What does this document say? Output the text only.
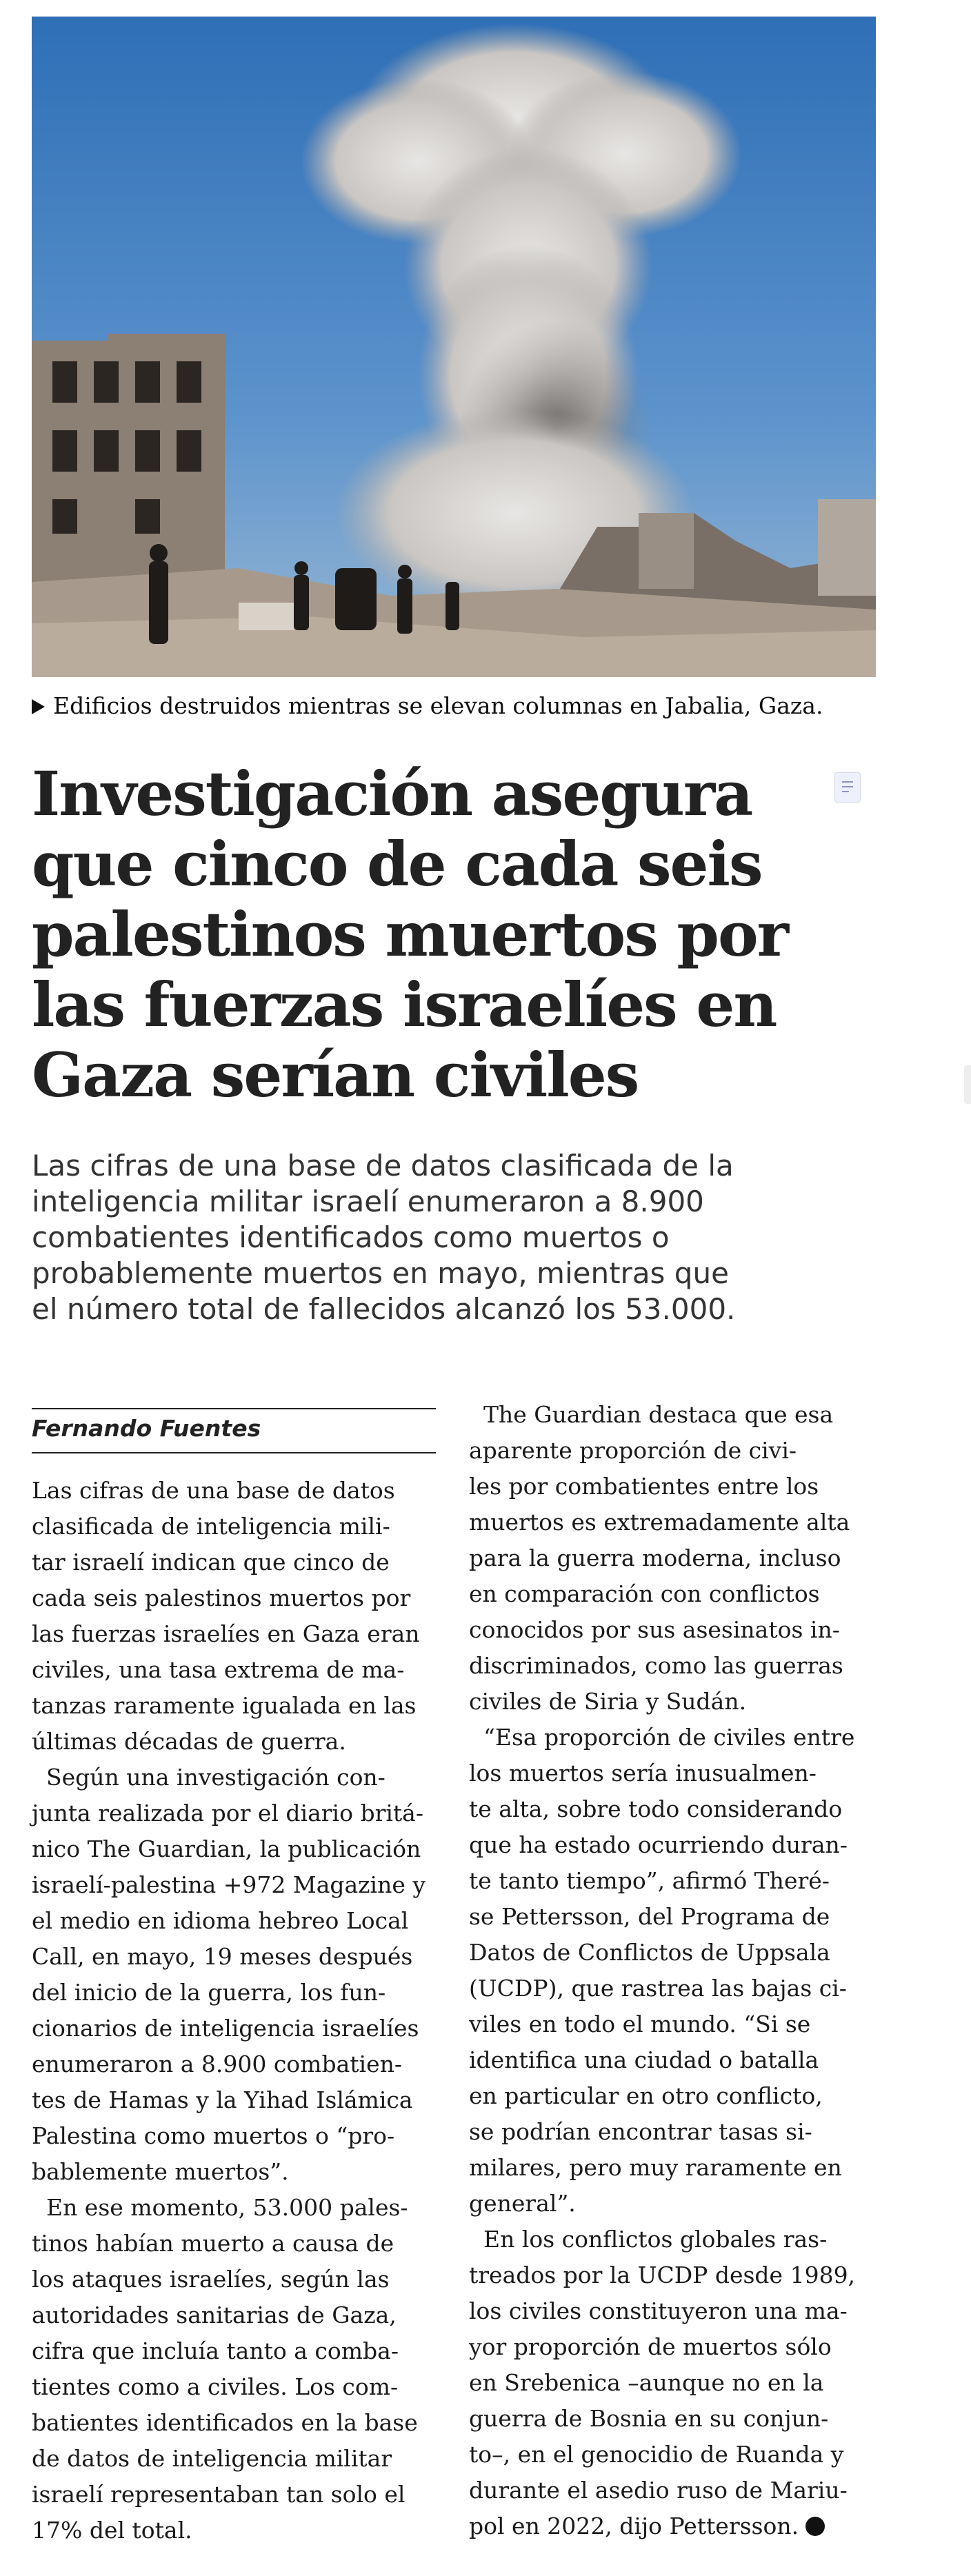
Edificios destruidos mientras se elevan columnas en Jabalia, Gaza.
Investigación asegura
que cinco de cada seis
palestinos muertos por
las fuerzas israelíes en
Gaza serían civiles
Las cifras de una base de datos clasificada de la
inteligencia militar israelí enumeraron a 8.900
combatientes identificados como muertos o
probablemente muertos en mayo, mientras que
el número total de fallecidos alcanzó los 53.000.
Fernando Fuentes
Las cifras de una base de datos
clasificada de inteligencia mili-
tar israelí indican que cinco de
cada seis palestinos muertos por
las fuerzas israelíes en Gaza eran
civiles, una tasa extrema de ma-
tanzas raramente igualada en las
últimas décadas de guerra.
Según una investigación con-
junta realizada por el diario britá-
nico The Guardian, la publicación
israelí-palestina +972 Magazine y
el medio en idioma hebreo Local
Call, en mayo, 19 meses después
del inicio de la guerra, los fun-
cionarios de inteligencia israelíes
enumeraron a 8.900 combatien-
tes de Hamas y la Yihad Islámica
Palestina como muertos o “pro-
bablemente muertos”.
En ese momento, 53.000 pales-
tinos habían muerto a causa de
los ataques israelíes, según las
autoridades sanitarias de Gaza,
cifra que incluía tanto a comba-
tientes como a civiles. Los com-
batientes identificados en la base
de datos de inteligencia militar
israelí representaban tan solo el
17% del total.
The Guardian destaca que esa
aparente proporción de civi-
les por combatientes entre los
muertos es extremadamente alta
para la guerra moderna, incluso
en comparación con conflictos
conocidos por sus asesinatos in-
discriminados, como las guerras
civiles de Siria y Sudán.
“Esa proporción de civiles entre
los muertos sería inusualmen-
te alta, sobre todo considerando
que ha estado ocurriendo duran-
te tanto tiempo”, afirmó Theré-
se Pettersson, del Programa de
Datos de Conflictos de Uppsala
(UCDP), que rastrea las bajas ci-
viles en todo el mundo. “Si se
identifica una ciudad o batalla
en particular en otro conflicto,
se podrían encontrar tasas si-
milares, pero muy raramente en
general”.
En los conflictos globales ras-
treados por la UCDP desde 1989,
los civiles constituyeron una ma-
yor proporción de muertos sólo
en Srebenica –aunque no en la
guerra de Bosnia en su conjun-
to–, en el genocidio de Ruanda y
durante el asedio ruso de Mariu-
pol en 2022, dijo Pettersson.
